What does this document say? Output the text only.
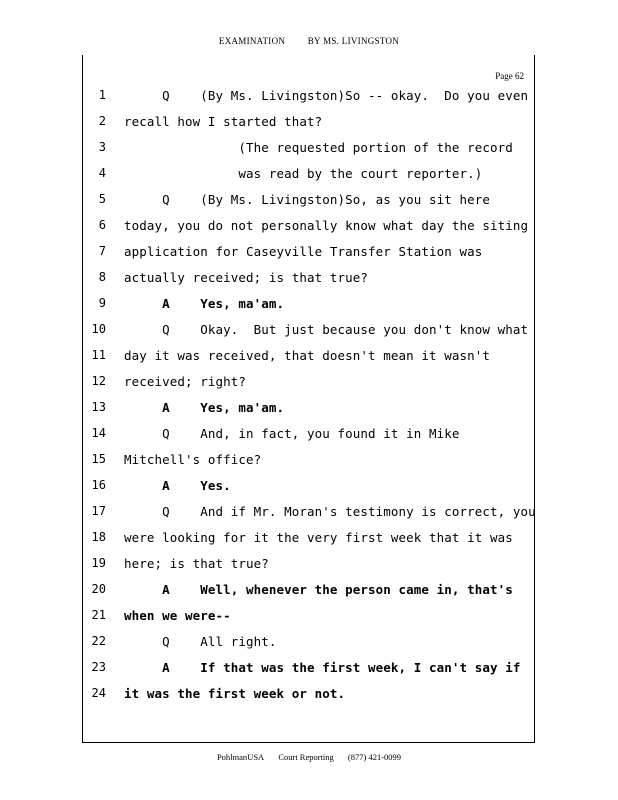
EXAMINATION	BY MS. LIVINGSTON
Page 62
1 Q    (By Ms. Livingston)So -- okay.  Do you even
2 recall how I started that?
3 (The requested portion of the record
4 was read by the court reporter.)
5 Q    (By Ms. Livingston)So, as you sit here
6 today, you do not personally know what day the siting
7 application for Caseyville Transfer Station was
8 actually received; is that true?
9 A    Yes, ma'am.
10 Q    Okay.  But just because you don't know what
11 day it was received, that doesn't mean it wasn't
12 received; right?
13 A    Yes, ma'am.
14 Q    And, in fact, you found it in Mike
15 Mitchell's office?
16 A    Yes.
17 Q    And if Mr. Moran's testimony is correct, you
18 were looking for it the very first week that it was
19 here; is that true?
20 A    Well, whenever the person came in, that's
21 when we were--
22 Q    All right.
23 A    If that was the first week, I can't say if
24 it was the first week or not.
PohlmanUSA Court Reporting (877) 421-0099
